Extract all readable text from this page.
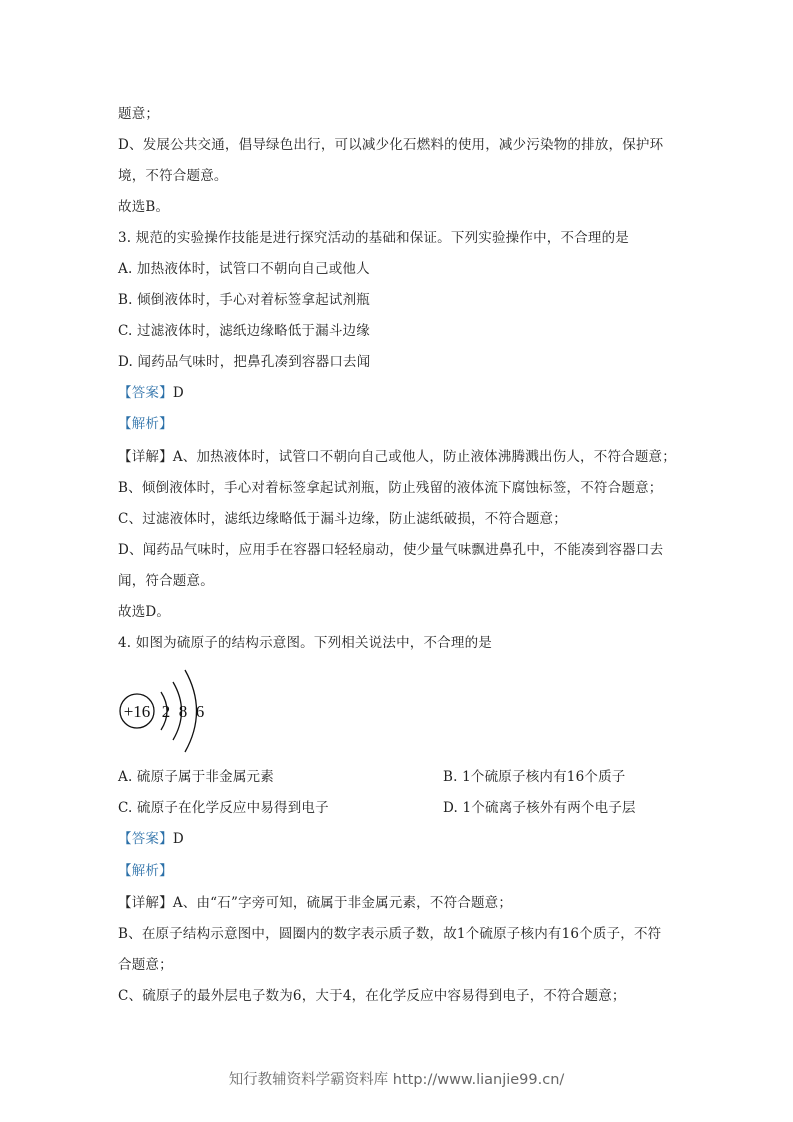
题意；
D、发展公共交通，倡导绿色出行，可以减少化石燃料的使用，减少污染物的排放，保护环
境，不符合题意。
故选B。
3. 规范的实验操作技能是进行探究活动的基础和保证。下列实验操作中，不合理的是
A. 加热液体时，试管口不朝向自己或他人
B. 倾倒液体时，手心对着标签拿起试剂瓶
C. 过滤液体时，滤纸边缘略低于漏斗边缘
D. 闻药品气味时，把鼻孔凑到容器口去闻
【答案】D
【解析】
【详解】A、加热液体时，试管口不朝向自己或他人，防止液体沸腾溅出伤人，不符合题意；
B、倾倒液体时，手心对着标签拿起试剂瓶，防止残留的液体流下腐蚀标签，不符合题意；
C、过滤液体时，滤纸边缘略低于漏斗边缘，防止滤纸破损，不符合题意；
D、闻药品气味时，应用手在容器口轻轻扇动，使少量气味飘进鼻孔中，不能凑到容器口去
闻，符合题意。
故选D。
4. 如图为硫原子的结构示意图。下列相关说法中，不合理的是
+16 2 8 6
A. 硫原子属于非金属元素	B. 1个硫原子核内有16个质子
C. 硫原子在化学反应中易得到电子	D. 1个硫离子核外有两个电子层
【答案】D
【解析】
【详解】A、由“石”字旁可知，硫属于非金属元素，不符合题意；
B、在原子结构示意图中，圆圈内的数字表示质子数，故1个硫原子核内有16个质子，不符
合题意；
C、硫原子的最外层电子数为6，大于4，在化学反应中容易得到电子，不符合题意；
知行教辅资料学霸资料库 http://www.lianjie99.cn/
